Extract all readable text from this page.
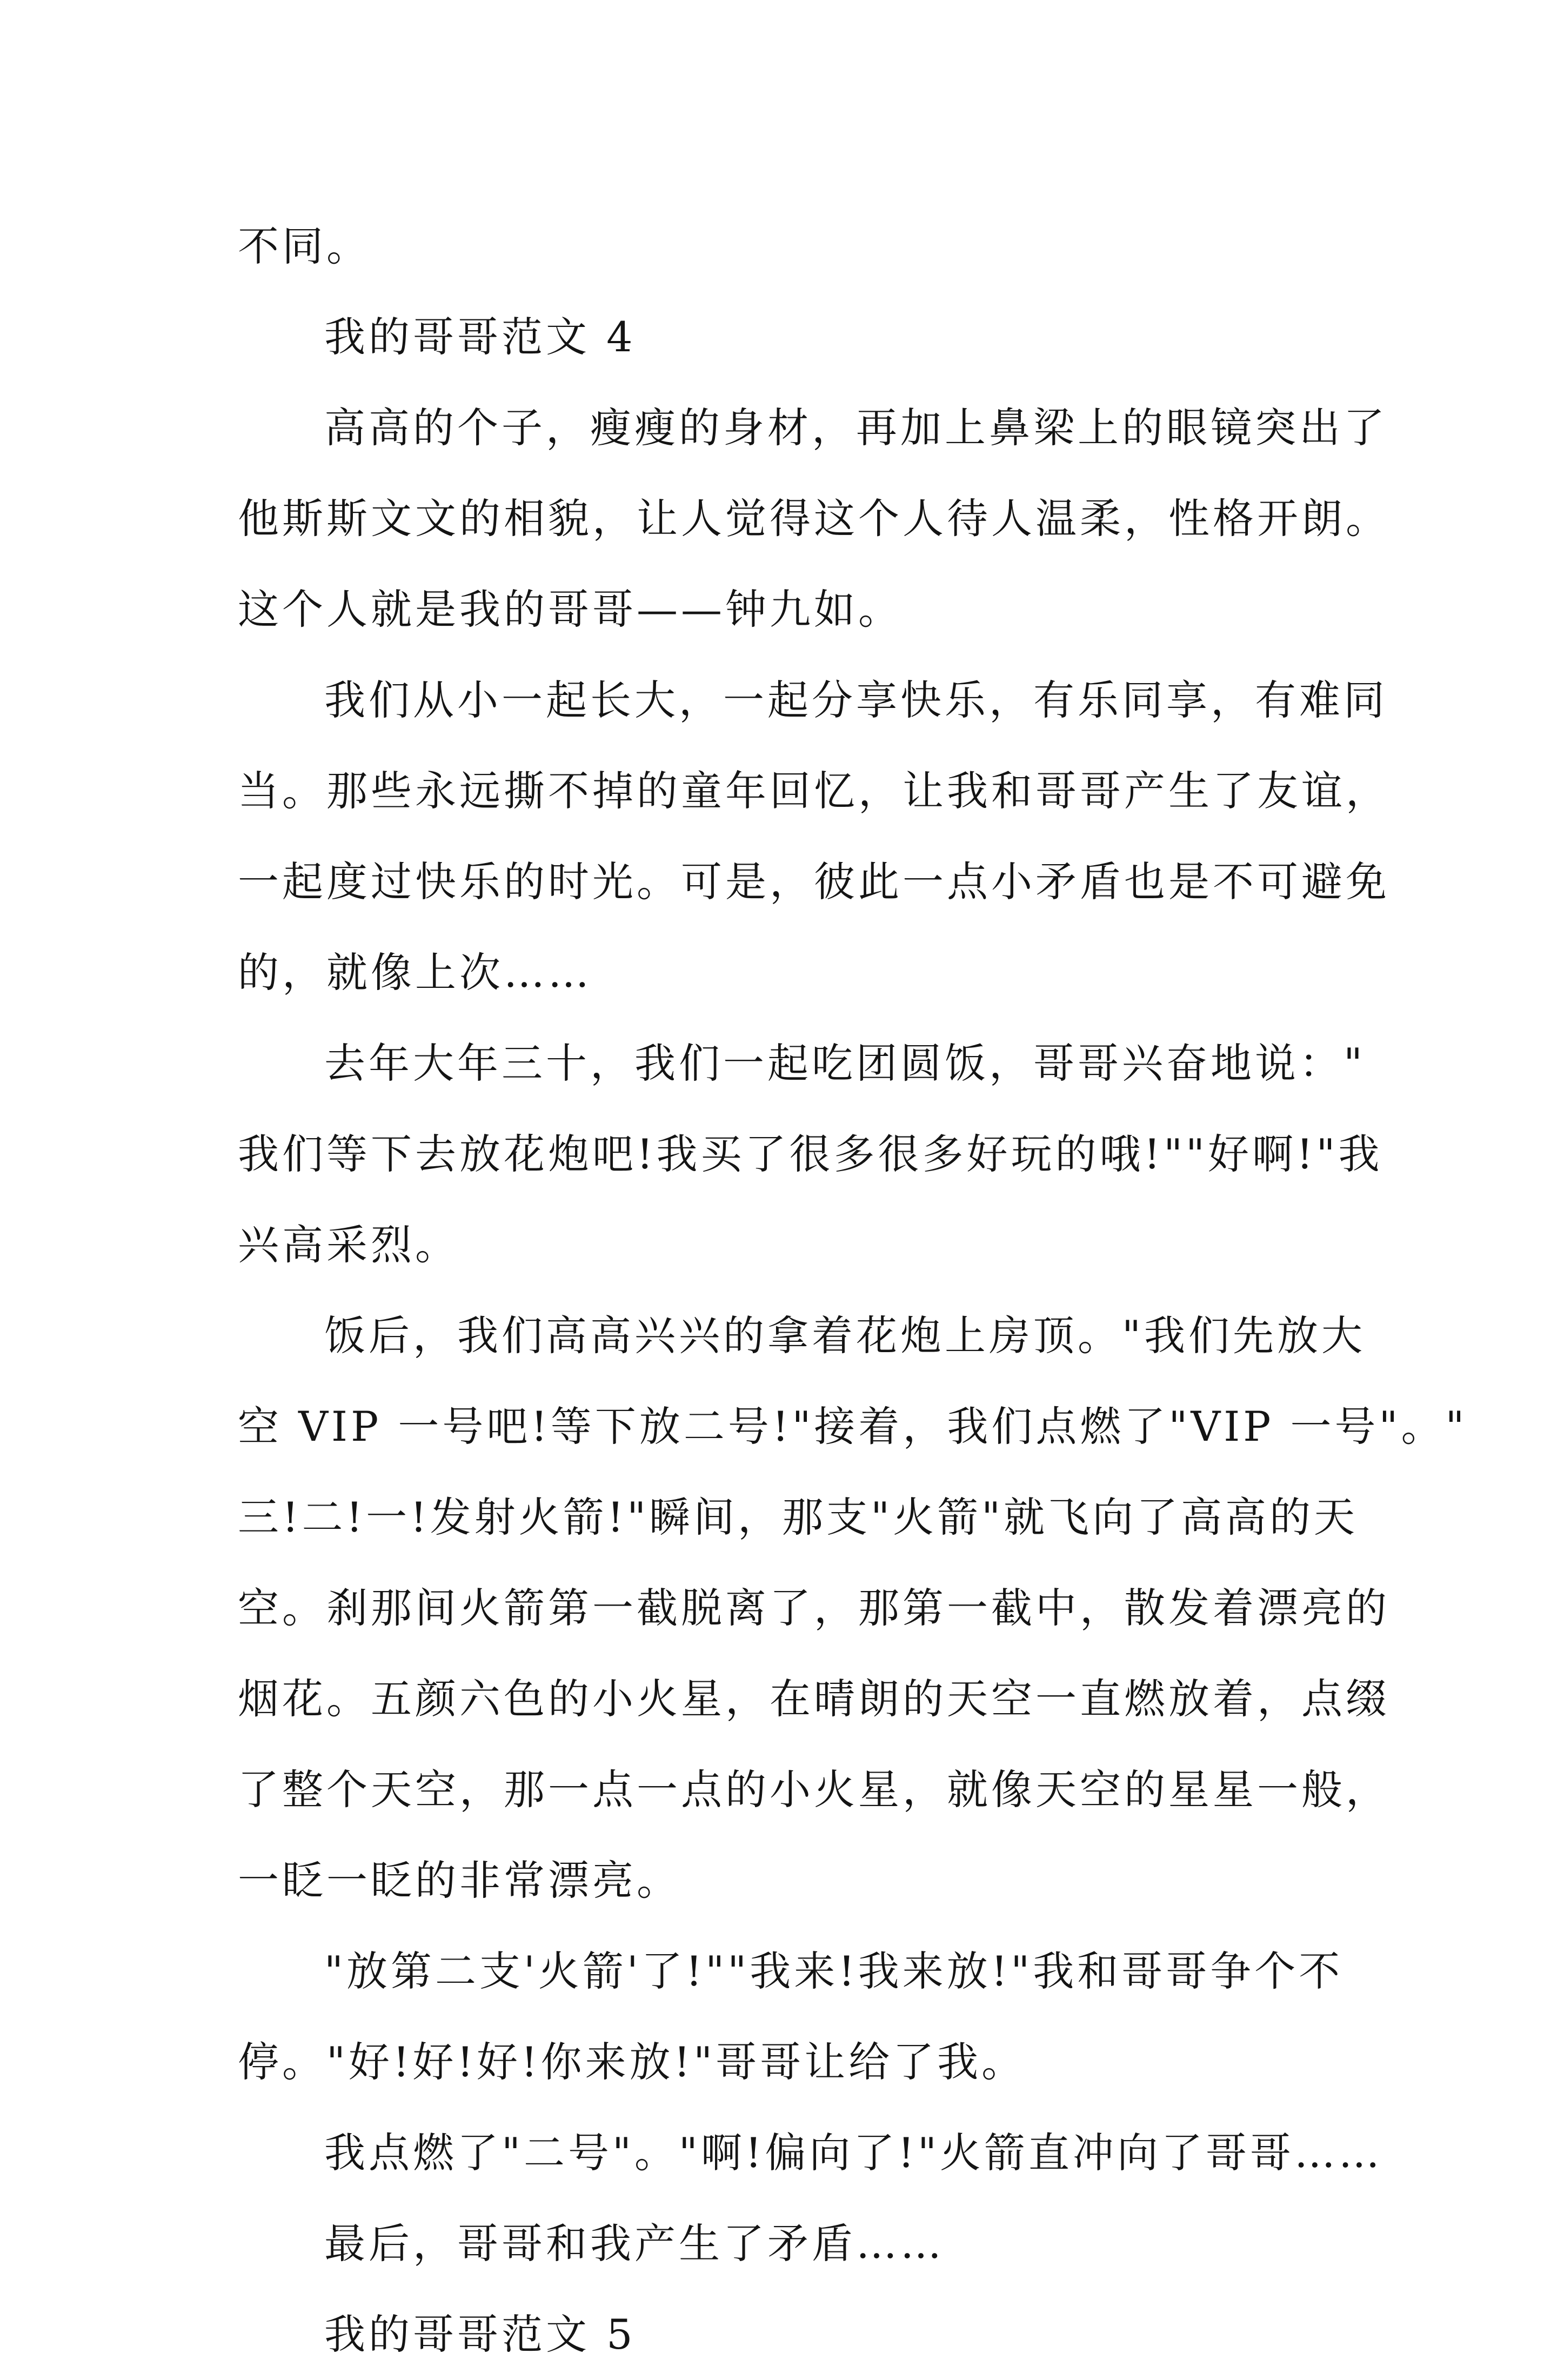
不同。
我的哥哥范文 4
高高的个子，瘦瘦的身材，再加上鼻梁上的眼镜突出了
他斯斯文文的相貌，让人觉得这个人待人温柔，性格开朗。
这个人就是我的哥哥——钟九如。
我们从小一起长大，一起分享快乐，有乐同享，有难同
当。那些永远撕不掉的童年回忆，让我和哥哥产生了友谊，
一起度过快乐的时光。可是，彼此一点小矛盾也是不可避免
的，就像上次……
去年大年三十，我们一起吃团圆饭，哥哥兴奋地说："
我们等下去放花炮吧!我买了很多很多好玩的哦!""好啊!"我
兴高采烈。
饭后，我们高高兴兴的拿着花炮上房顶。"我们先放大
空 VIP 一号吧!等下放二号!"接着，我们点燃了"VIP 一号"。"
三!二!一!发射火箭!"瞬间，那支"火箭"就飞向了高高的天
空。刹那间火箭第一截脱离了，那第一截中，散发着漂亮的
烟花。五颜六色的小火星，在晴朗的天空一直燃放着，点缀
了整个天空，那一点一点的小火星，就像天空的星星一般，
一眨一眨的非常漂亮。
"放第二支'火箭'了!""我来!我来放!"我和哥哥争个不
停。"好!好!好!你来放!"哥哥让给了我。
我点燃了"二号"。"啊!偏向了!"火箭直冲向了哥哥……
最后，哥哥和我产生了矛盾……
我的哥哥范文 5
